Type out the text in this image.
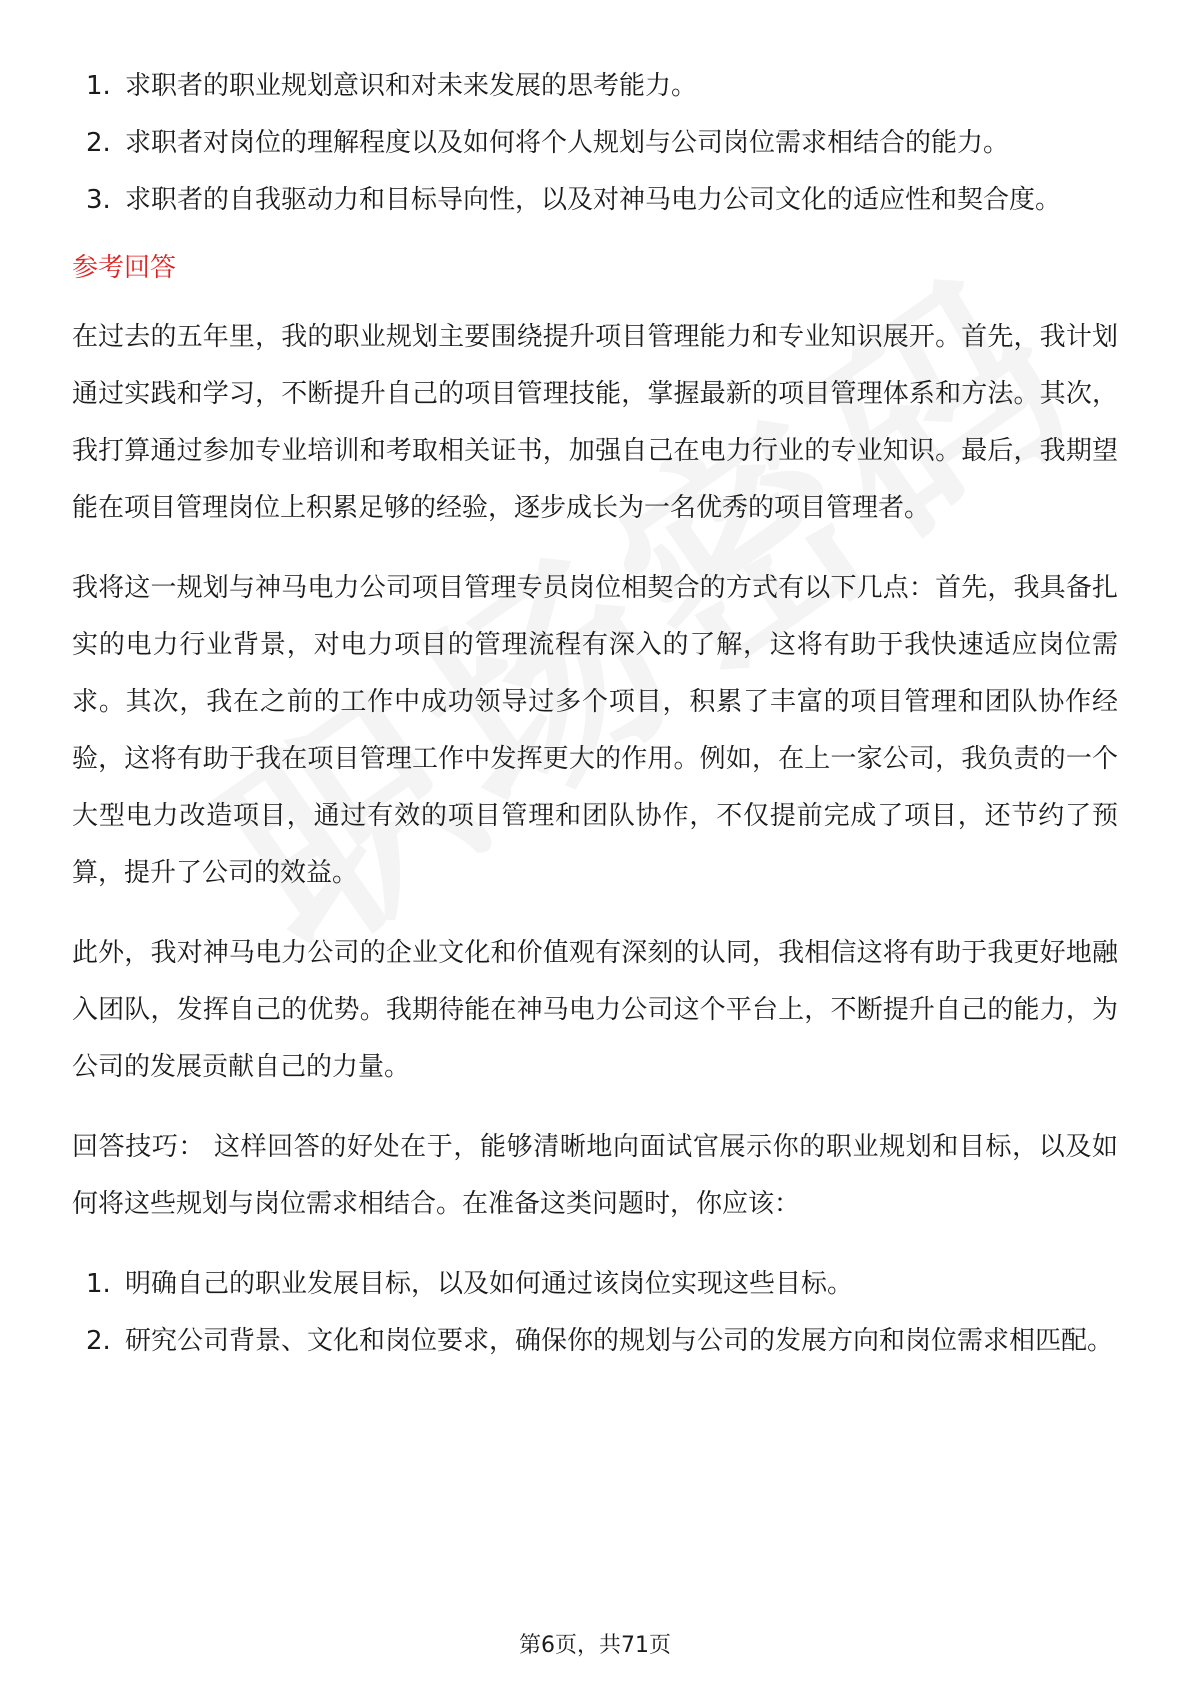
1. 求职者的职业规划意识和对未来发展的思考能力。
2. 求职者对岗位的理解程度以及如何将个人规划与公司岗位需求相结合的能力。
3. 求职者的自我驱动力和目标导向性，以及对神马电力公司文化的适应性和契合度。
参考回答

在过去的五年里，我的职业规划主要围绕提升项目管理能力和专业知识展开。首先，我计划通过实践和学习，不断提升自己的项目管理技能，掌握最新的项目管理体系和方法。其次，我打算通过参加专业培训和考取相关证书，加强自己在电力行业的专业知识。最后，我期望能在项目管理岗位上积累足够的经验，逐步成长为一名优秀的项目管理者。

我将这一规划与神马电力公司项目管理专员岗位相契合的方式有以下几点：首先，我具备扎实的电力行业背景，对电力项目的管理流程有深入的了解，这将有助于我快速适应岗位需求。其次，我在之前的工作中成功领导过多个项目，积累了丰富的项目管理和团队协作经验，这将有助于我在项目管理工作中发挥更大的作用。例如，在上一家公司，我负责的一个大型电力改造项目，通过有效的项目管理和团队协作，不仅提前完成了项目，还节约了预算，提升了公司的效益。

此外，我对神马电力公司的企业文化和价值观有深刻的认同，我相信这将有助于我更好地融入团队，发挥自己的优势。我期待能在神马电力公司这个平台上，不断提升自己的能力，为公司的发展贡献自己的力量。

回答技巧： 这样回答的好处在于，能够清晰地向面试官展示你的职业规划和目标，以及如何将这些规划与岗位需求相结合。在准备这类问题时，你应该：

1. 明确自己的职业发展目标，以及如何通过该岗位实现这些目标。
2. 研究公司背景、文化和岗位要求，确保你的规划与公司的发展方向和岗位需求相匹配。
第6页，共71页
